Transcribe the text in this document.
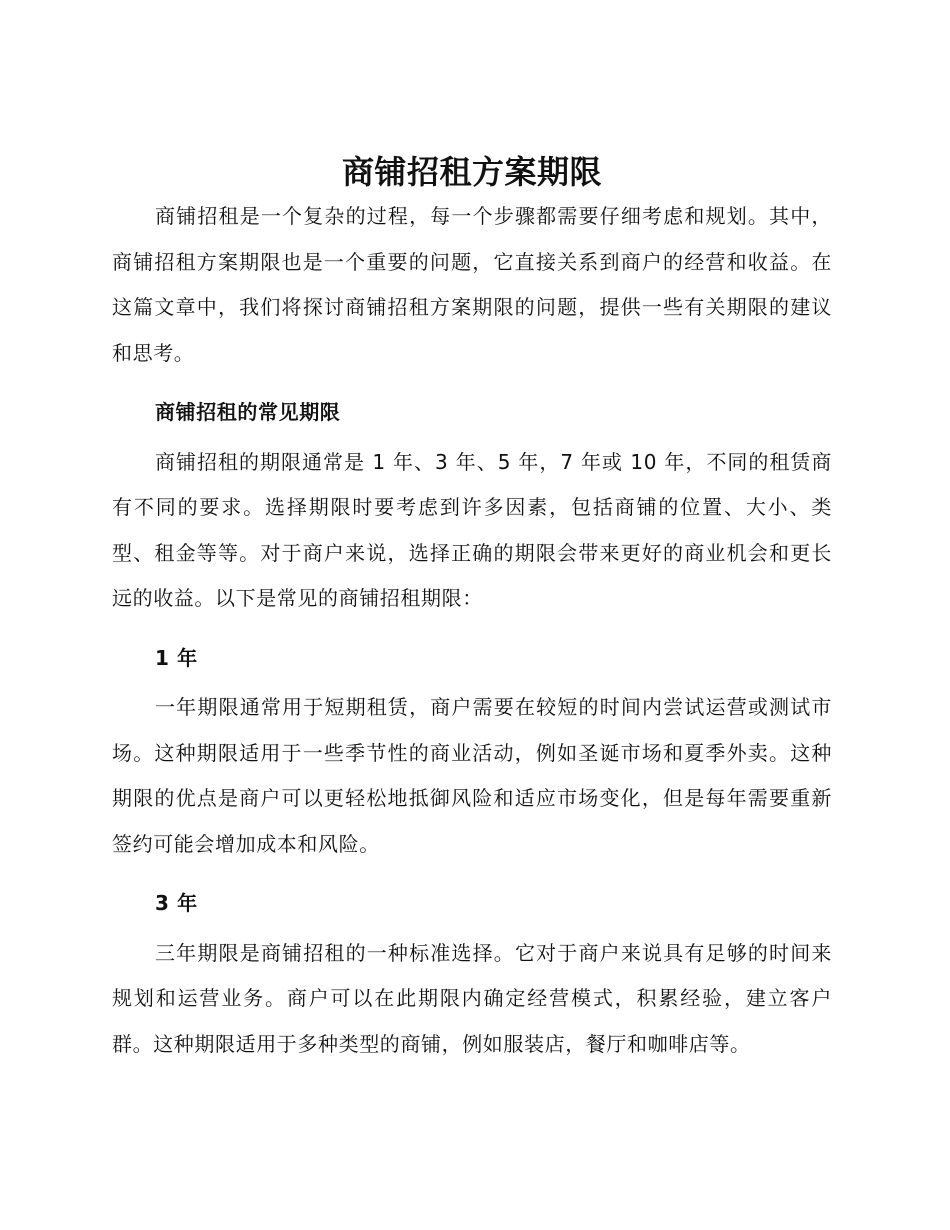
商铺招租方案期限

商铺招租是一个复杂的过程，每一个步骤都需要仔细考虑和规划。其中，商铺招租方案期限也是一个重要的问题，它直接关系到商户的经营和收益。在这篇文章中，我们将探讨商铺招租方案期限的问题，提供一些有关期限的建议和思考。

商铺招租的常见期限

商铺招租的期限通常是 1 年、3 年、5 年，7 年或 10 年，不同的租赁商有不同的要求。选择期限时要考虑到许多因素，包括商铺的位置、大小、类型、租金等等。对于商户来说，选择正确的期限会带来更好的商业机会和更长远的收益。以下是常见的商铺招租期限：

1 年

一年期限通常用于短期租赁，商户需要在较短的时间内尝试运营或测试市场。这种期限适用于一些季节性的商业活动，例如圣诞市场和夏季外卖。这种期限的优点是商户可以更轻松地抵御风险和适应市场变化，但是每年需要重新签约可能会增加成本和风险。

3 年

三年期限是商铺招租的一种标准选择。它对于商户来说具有足够的时间来规划和运营业务。商户可以在此期限内确定经营模式，积累经验，建立客户群。这种期限适用于多种类型的商铺，例如服装店，餐厅和咖啡店等。
